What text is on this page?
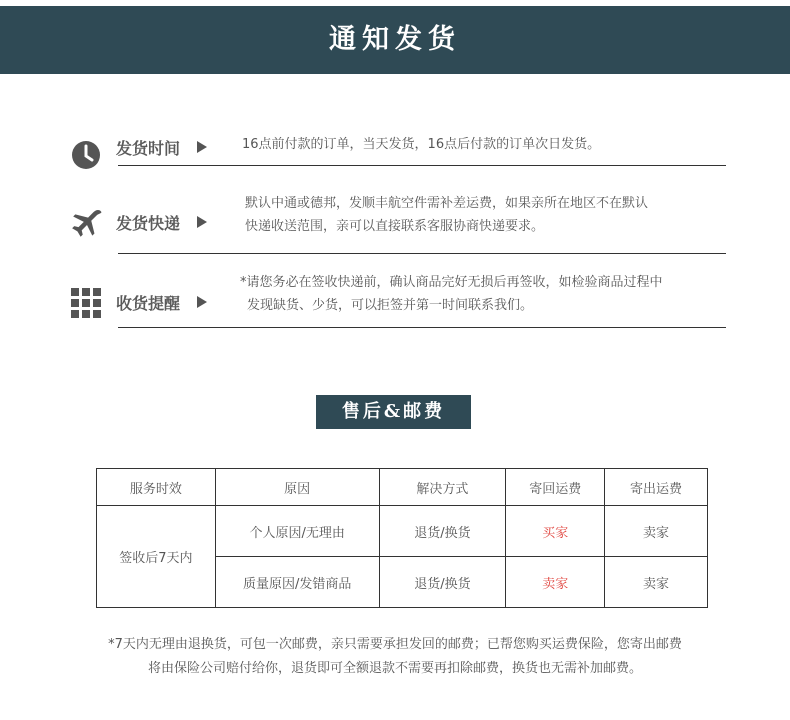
通知发货
发货时间	16点前付款的订单，当天发货，16点后付款的订单次日发货。
发货快递
默认中通或德邦，发顺丰航空件需补差运费，如果亲所在地区不在默认
快递收送范围，亲可以直接联系客服协商快递要求。
收货提醒
*请您务必在签收快递前，确认商品完好无损后再签收，如检验商品过程中
发现缺货、少货，可以拒签并第一时间联系我们。
售后&邮费
服务时效	原因	解决方式	寄回运费	寄出运费
签收后7天内	个人原因/无理由	退货/换货	买家	卖家
	质量原因/发错商品	退货/换货	卖家	卖家
*7天内无理由退换货，可包一次邮费，亲只需要承担发回的邮费；已帮您购买运费保险，您寄出邮费
将由保险公司赔付给你，退货即可全额退款不需要再扣除邮费，换货也无需补加邮费。
